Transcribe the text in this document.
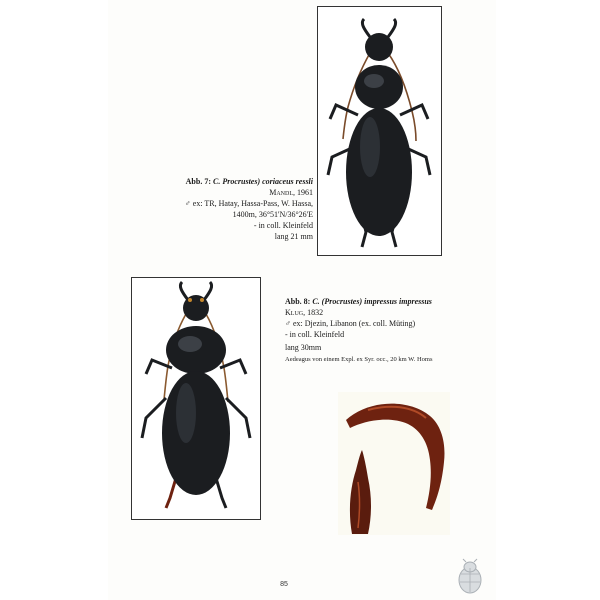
Abb. 7: C. Procrustes) coriaceus ressli
Mandl, 1961
♂ ex: TR, Hatay, Hassa-Pass, W. Hassa,
1400m, 36°51'N/36°26'E
- in coll. Kleinfeld
lang 21 mm
Abb. 8: C. (Procrustes) impressus impressus
Klug, 1832
♂ ex: Djezin, Libanon (ex. coll. Müting)
- in coll. Kleinfeld
lang 30mm
Aedeagus von einem Expl. ex Syr. occ., 20 km W. Homs
85
